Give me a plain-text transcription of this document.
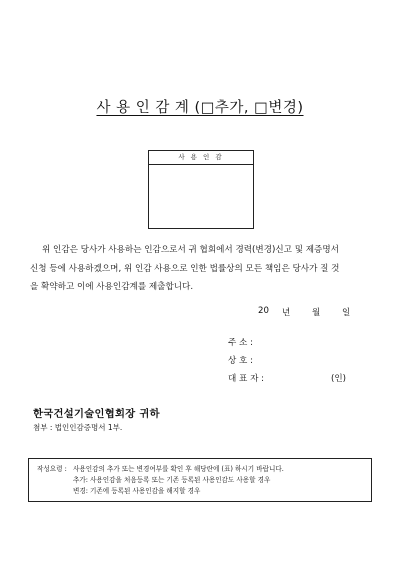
사 용 인 감 계 (□추가, □변경)
사 용 인 감

위 인감은 당사가 사용하는 인감으로서 귀 협회에서 경력(변경)신고 및 제증명서

신청 등에 사용하겠으며, 위 인감 사용으로 인한 법률상의 모든 책임은 당사가 질 것

을 확약하고 이에 사용인감계를 제출합니다.

20 년	월	일
주 소 :
상 호 :
대 표 자 :	(인)
한국건설기술인협회장 귀하
첨부 : 법인인감증명서 1부.
작성요령 : 사용인감의 추가 또는 변경여부를 확인 후 해당란에 (표) 하시기 바랍니다.
추가: 사용인감을 처음등록 또는 기존 등록된 사용인감도 사용할 경우
변경: 기존에 등록된 사용인감을 해지할 경우
